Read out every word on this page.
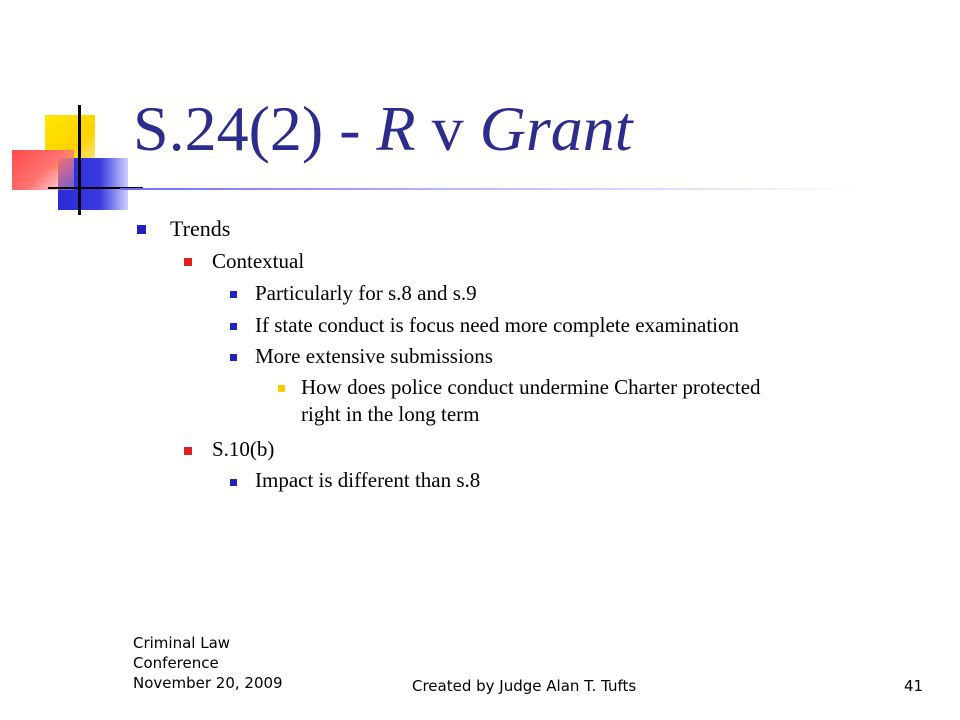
S.24(2) - R v Grant
Trends
Contextual
Particularly for s.8 and s.9
If state conduct is focus need more complete examination
More extensive submissions
How does police conduct undermine Charter protected
right in the long term
S.10(b)
Impact is different than s.8
Criminal Law
Conference
November 20, 2009	Created by Judge Alan T. Tufts	41
